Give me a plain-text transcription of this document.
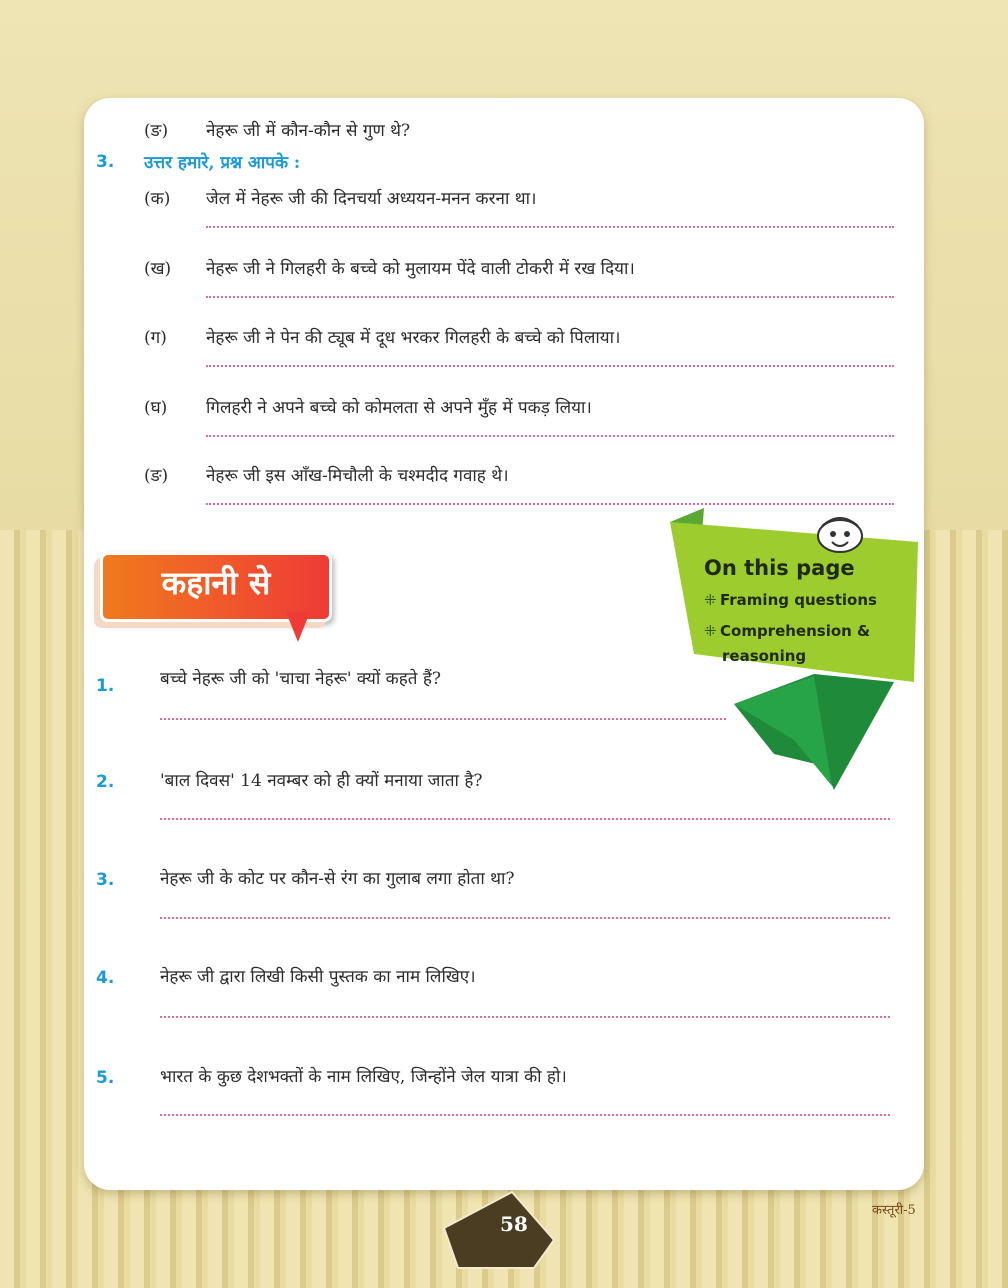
(ङ) नेहरू जी में कौन-कौन से गुण थे?
3. उत्तर हमारे, प्रश्न आपके :
(क) जेल में नेहरू जी की दिनचर्या अध्ययन-मनन करना था।
(ख) नेहरू जी ने गिलहरी के बच्चे को मुलायम पेंदे वाली टोकरी में रख दिया।
(ग) नेहरू जी ने पेन की ट्यूब में दूध भरकर गिलहरी के बच्चे को पिलाया।
(घ) गिलहरी ने अपने बच्चे को कोमलता से अपने मुँह में पकड़ लिया।
(ङ) नेहरू जी इस आँख-मिचौली के चश्मदीद गवाह थे।
कहानी से	On this page
⁜ Framing questions
⁜ Comprehension &
reasoning
1.	बच्चे नेहरू जी को 'चाचा नेहरू' क्यों कहते हैं?
2.	'बाल दिवस' 14 नवम्बर को ही क्यों मनाया जाता है?
3.	नेहरू जी के कोट पर कौन-से रंग का गुलाब लगा होता था?
4.	नेहरू जी द्वारा लिखी किसी पुस्तक का नाम लिखिए।
5.	भारत के कुछ देशभक्तों के नाम लिखिए, जिन्होंने जेल यात्रा की हो।
58
कस्तूरी-5
